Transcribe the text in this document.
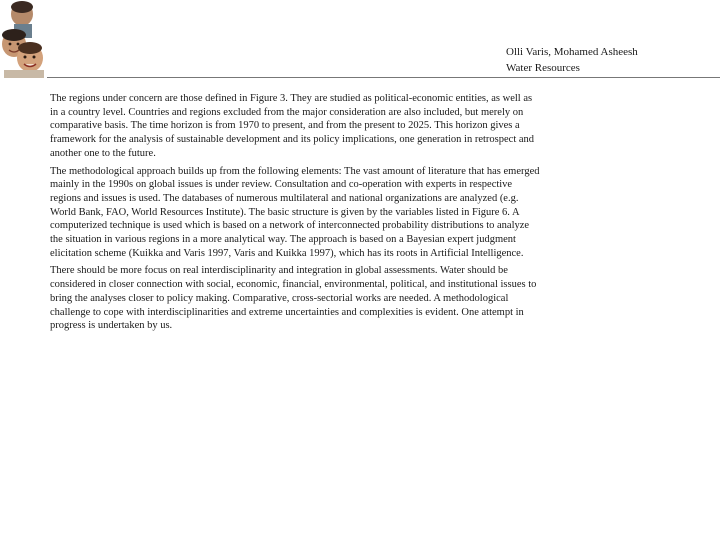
Olli Varis, Mohamed Asheesh
Water Resources

The regions under concern are those defined in Figure 3. They are studied as political-economic entities, as well as in a country level. Countries and regions excluded from the major consideration are also included, but merely on comparative basis. The time horizon is from 1970 to present, and from the present to 2025. This horizon gives a framework for the analysis of sustainable development and its policy implications, one generation in retrospect and another one to the future.

The methodological approach builds up from the following elements: The vast amount of literature that has emerged mainly in the 1990s on global issues is under review. Consultation and co-operation with experts in respective regions and issues is used. The databases of numerous multilateral and national organizations are analyzed (e.g. World Bank, FAO, World Resources Institute). The basic structure is given by the variables listed in Figure 6. A computerized technique is used which is based on a network of interconnected probability distributions to analyze the situation in various regions in a more analytical way. The approach is based on a Bayesian expert judgment elicitation scheme (Kuikka and Varis 1997, Varis and Kuikka 1997), which has its roots in Artificial Intelligence.

There should be more focus on real interdisciplinarity and integration in global assessments. Water should be considered in closer connection with social, economic, financial, environmental, political, and institutional issues to bring the analyses closer to policy making. Comparative, cross-sectorial works are needed. A methodological challenge to cope with interdisciplinarities and extreme uncertainties and complexities is evident. One attempt in progress is undertaken by us.
